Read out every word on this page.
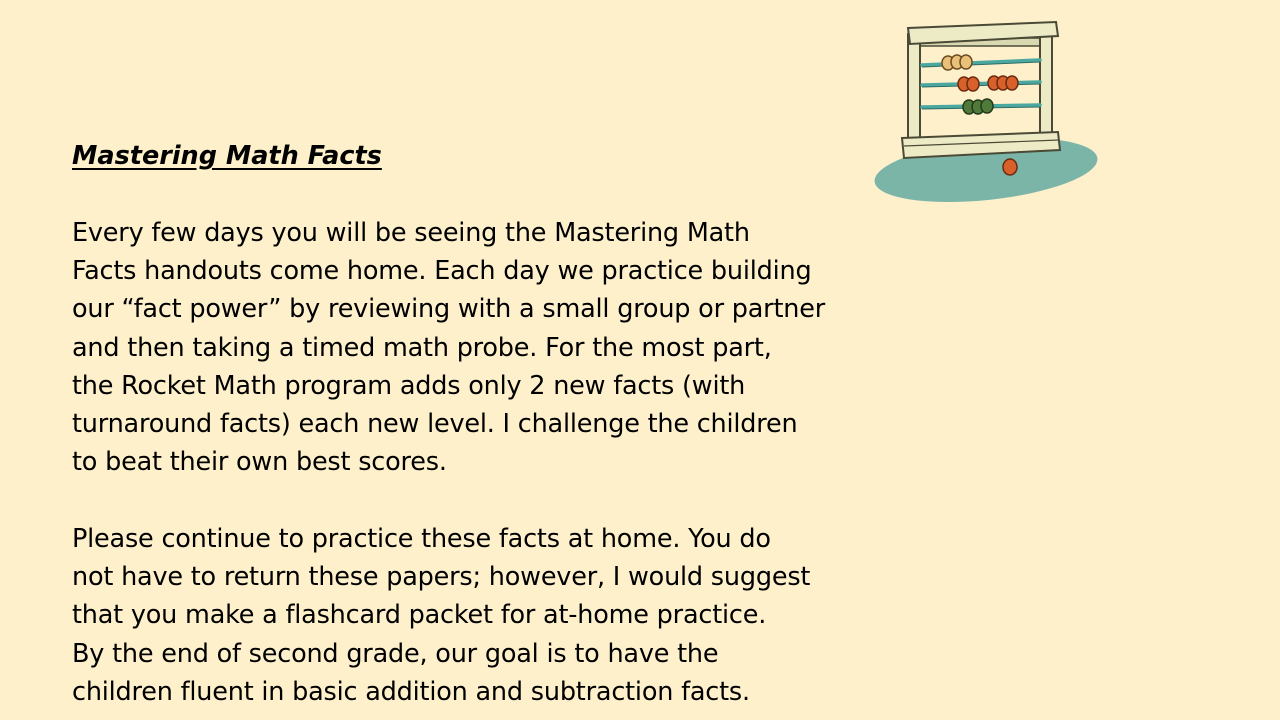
Mastering Math Facts
Every few days you will be seeing the Mastering Math
Facts handouts come home. Each day we practice building
our “fact power” by reviewing with a small group or partner
and then taking a timed math probe. For the most part,
the Rocket Math program adds only 2 new facts (with
turnaround facts) each new level. I challenge the children
to beat their own best scores.
Please continue to practice these facts at home. You do
not have to return these papers; however, I would suggest
that you make a flashcard packet for at-home practice.
By the end of second grade, our goal is to have the
children fluent in basic addition and subtraction facts.
